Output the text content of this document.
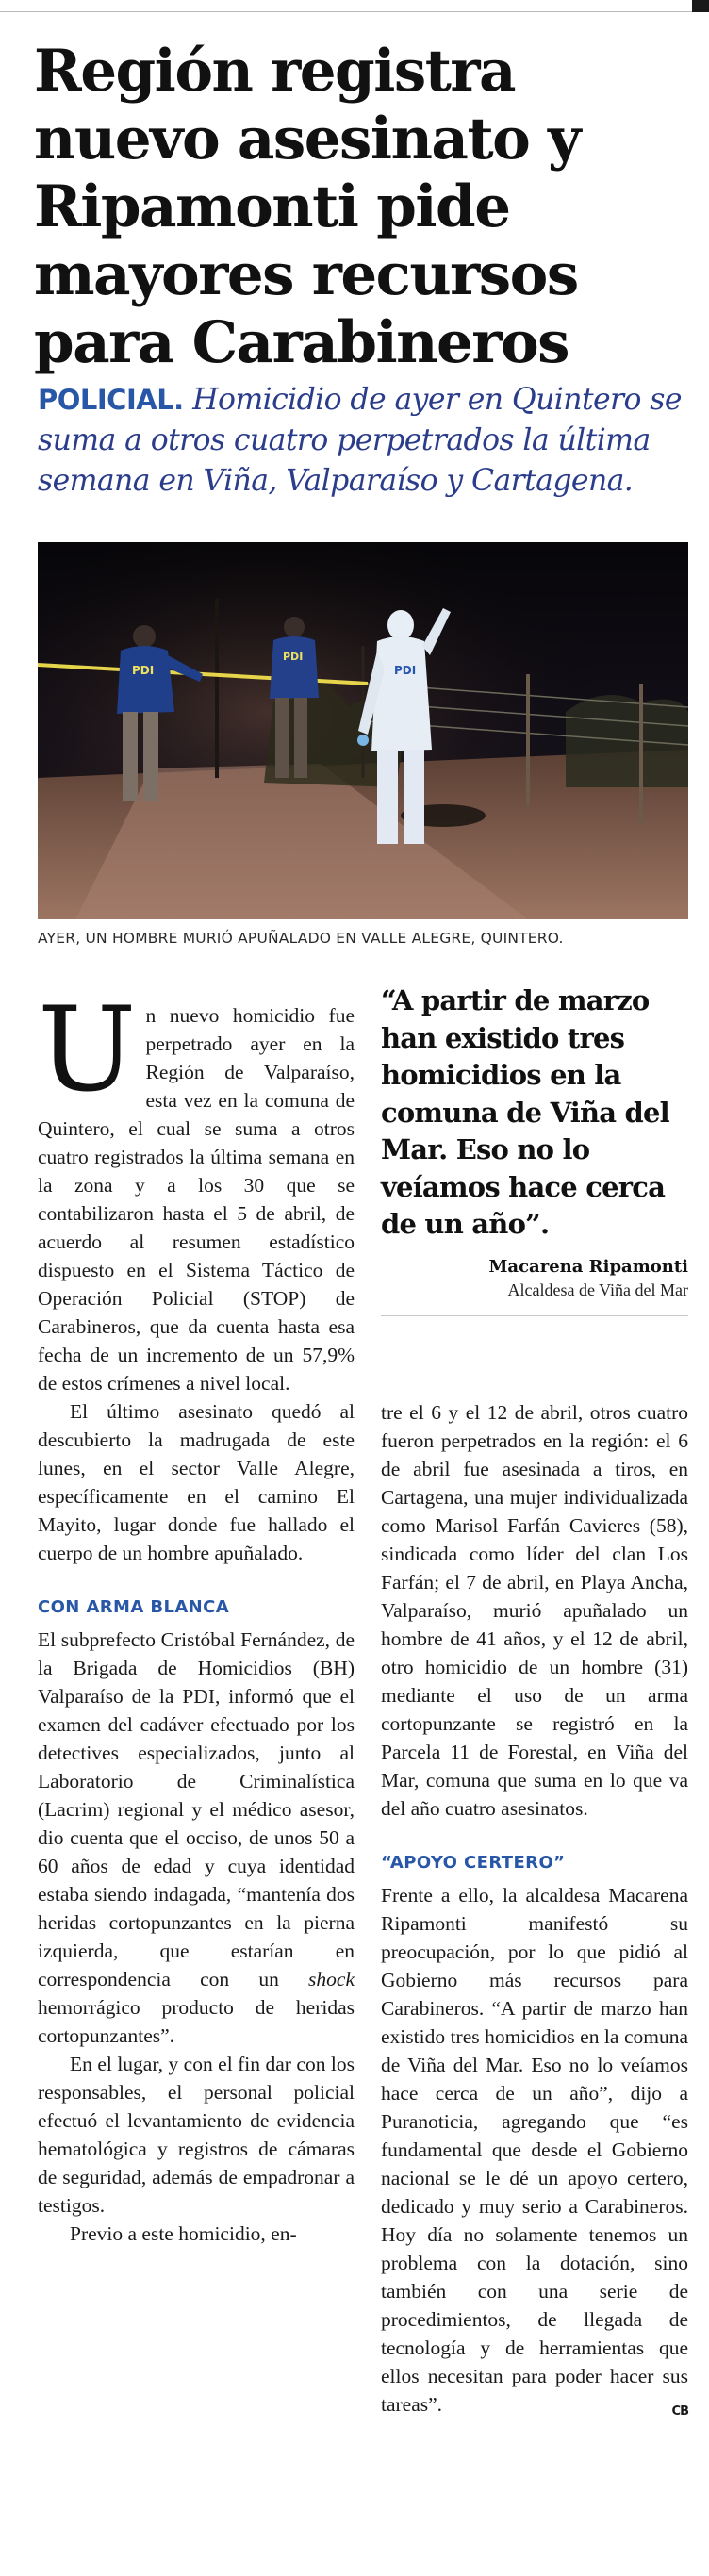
Región registra nuevo asesinato y Ripamonti pide mayores recursos para Carabineros
POLICIAL. Homicidio de ayer en Quintero se suma a otros cuatro perpetrados la última semana en Viña, Valparaíso y Cartagena.
PDI
PDI
PDI
AYER, UN HOMBRE MURIÓ APUÑALADO EN VALLE ALEGRE, QUINTERO.

Un nuevo homicidio fue perpetrado ayer en la Región de Valparaíso, esta vez en la comuna de Quintero, el cual se suma a otros cuatro registrados la última semana en la zona y a los 30 que se contabilizaron hasta el 5 de abril, de acuerdo al resumen estadístico dispuesto en el Sistema Táctico de Operación Policial (STOP) de Carabineros, que da cuenta hasta esa fecha de un incremento de un 57,9% de estos crímenes a nivel local.

El último asesinato quedó al descubierto la madrugada de este lunes, en el sector Valle Alegre, específicamente en el camino El Mayito, lugar donde fue hallado el cuerpo de un hombre apuñalado.

CON ARMA BLANCA

El subprefecto Cristóbal Fernández, de la Brigada de Homicidios (BH) Valparaíso de la PDI, informó que el examen del cadáver efectuado por los detectives especializados, junto al Laboratorio de Criminalística (Lacrim) regional y el médico asesor, dio cuenta que el occiso, de unos 50 a 60 años de edad y cuya identidad estaba siendo indagada, “mantenía dos heridas cortopunzantes en la pierna izquierda, que estarían en correspondencia con un shock hemorrágico producto de heridas cortopunzantes”.

En el lugar, y con el fin dar con los responsables, el personal policial efectuó el levantamiento de evidencia hematológica y registros de cámaras de seguridad, además de empadronar a testigos.

Previo a este homicidio, en-

“A partir de marzo han existido tres homicidios en la comuna de Viña del Mar. Eso no lo veíamos hace cerca de un año”.

Macarena Ripamonti
Alcaldesa de Viña del Mar

tre el 6 y el 12 de abril, otros cuatro fueron perpetrados en la región: el 6 de abril fue asesinada a tiros, en Cartagena, una mujer individualizada como Marisol Farfán Cavieres (58), sindicada como líder del clan Los Farfán; el 7 de abril, en Playa Ancha, Valparaíso, murió apuñalado un hombre de 41 años, y el 12 de abril, otro homicidio de un hombre (31) mediante el uso de un arma cortopunzante se registró en la Parcela 11 de Forestal, en Viña del Mar, comuna que suma en lo que va del año cuatro asesinatos.

“APOYO CERTERO”

Frente a ello, la alcaldesa Macarena Ripamonti manifestó su preocupación, por lo que pidió al Gobierno más recursos para Carabineros. “A partir de marzo han existido tres homicidios en la comuna de Viña del Mar. Eso no lo veíamos hace cerca de un año”, dijo a Puranoticia, agregando que “es fundamental que desde el Gobierno nacional se le dé un apoyo certero, dedicado y muy serio a Carabineros. Hoy día no solamente tenemos un problema con la dotación, sino también con una serie de procedimientos, de llegada de tecnología y de herramientas que ellos necesitan para poder hacer sus tareas”.	CB
